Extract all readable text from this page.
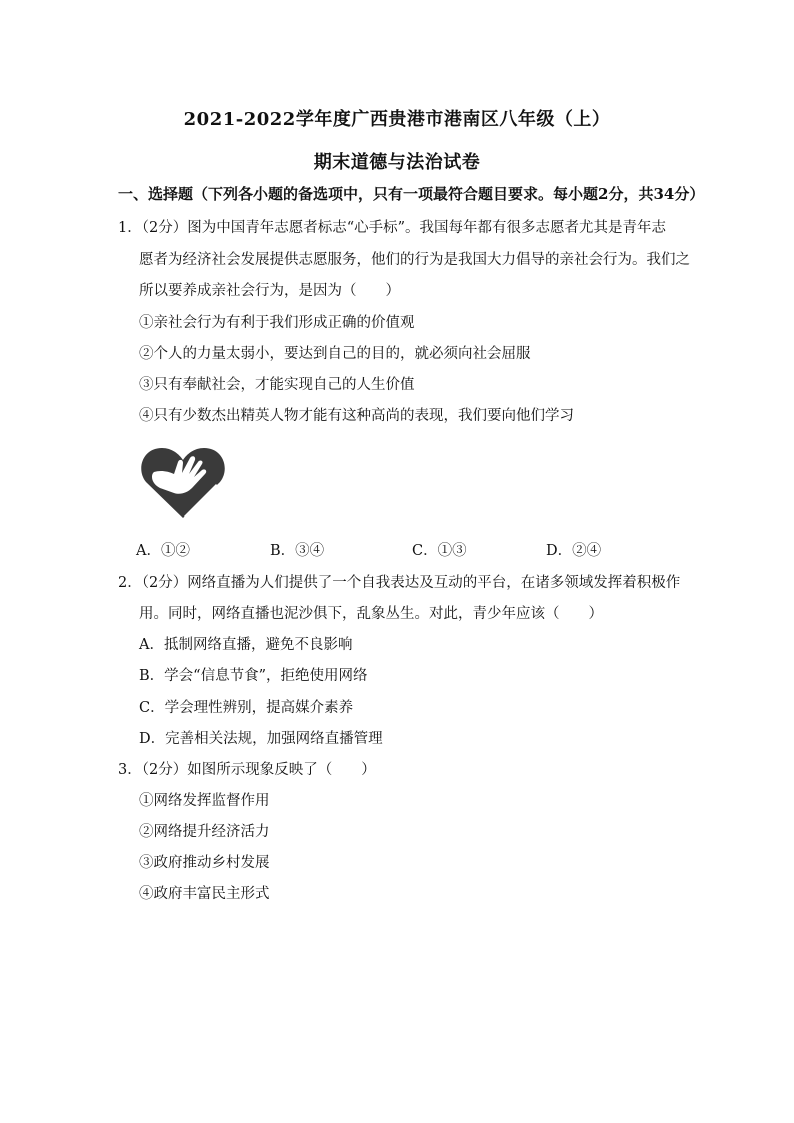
2021-2022学年度广西贵港市港南区八年级（上）
期末道德与法治试卷
一、选择题（下列各小题的备选项中，只有一项最符合题目要求。每小题2分，共34分）
1．（2分）图为中国青年志愿者标志“心手标”。我国每年都有很多志愿者尤其是青年志
愿者为经济社会发展提供志愿服务，他们的行为是我国大力倡导的亲社会行为。我们之
所以要养成亲社会行为，是因为（　　）
①亲社会行为有利于我们形成正确的价值观
②个人的力量太弱小，要达到自己的目的，就必须向社会屈服
③只有奉献社会，才能实现自己的人生价值
④只有少数杰出精英人物才能有这种高尚的表现，我们要向他们学习
A．①②	B．③④	C．①③	D．②④
2．（2分）网络直播为人们提供了一个自我表达及互动的平台，在诸多领域发挥着积极作
用。同时，网络直播也泥沙俱下，乱象丛生。对此，青少年应该（　　）
A．抵制网络直播，避免不良影响
B．学会“信息节食”，拒绝使用网络
C．学会理性辨别，提高媒介素养
D．完善相关法规，加强网络直播管理
3．（2分）如图所示现象反映了（　　）
①网络发挥监督作用
②网络提升经济活力
③政府推动乡村发展
④政府丰富民主形式
